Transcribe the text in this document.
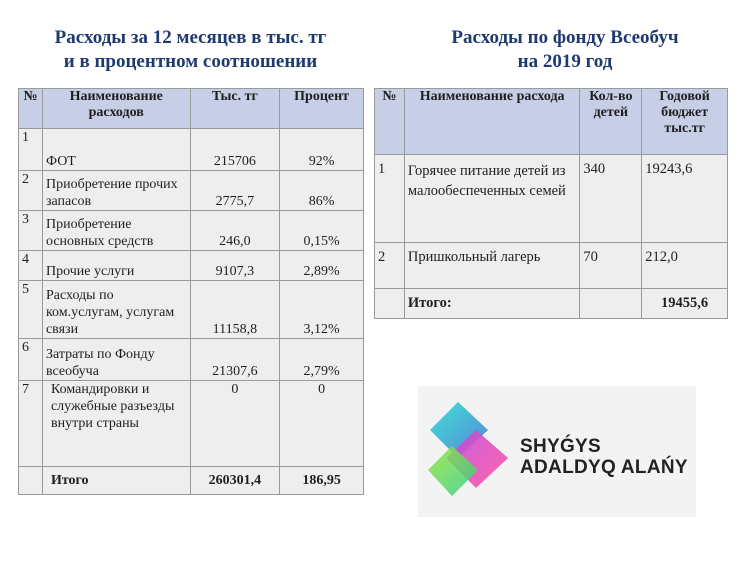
Расходы за 12 месяцев в тыс. тг
и в процентном соотношении
Расходы по фонду Всеобуч
на 2019 год
№	Наименование расходов	Тыс. тг	Процент
1	ФОТ	215706	92%
2	Приобретение прочих запасов	2775,7	86%
3	Приобретение основных средств	246,0	0,15%
4	Прочие услуги	9107,3	2,89%
5	Расходы по ком.услугам, услугам связи	11158,8	3,12%
6	Затраты по Фонду всеобуча	21307,6	2,79%
7	Командировки и служебные разъезды внутри страны	0	0
	Итого	260301,4	186,95
№	Наименование расхода	Кол-во детей	Годовой бюджет тыс.тг
1	Горячее питание детей из малообеспеченных семей	340	19243,6
2	Пришкольный лагерь	70	212,0
	Итого:		19455,6
SHYǴYS
ADALDYQ ALAŃY
